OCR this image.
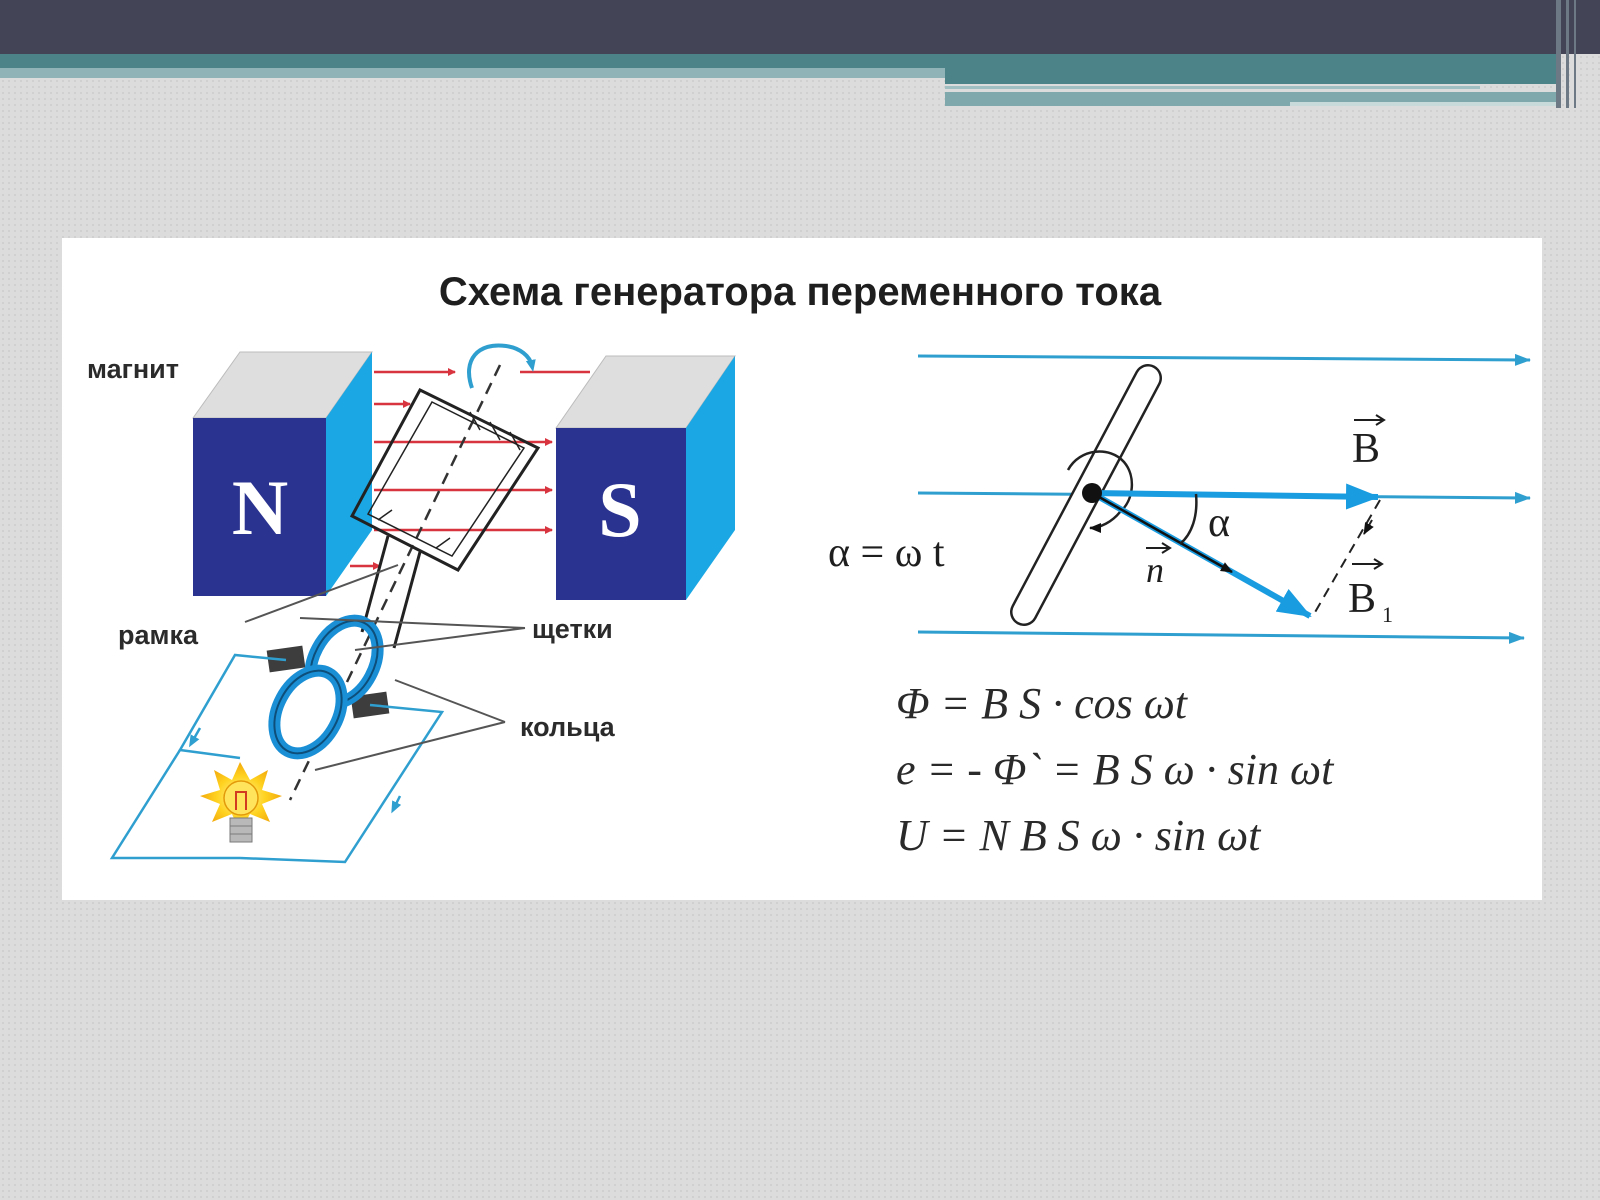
Схема генератора переменного тока
N	S
магнит
рамка	щетки
кольца
B
B 1
n
α
α = ω t
Φ = B S · cos ωt
e = - Φ` = B S ω · sin ωt
U = N B S ω · sin ωt
